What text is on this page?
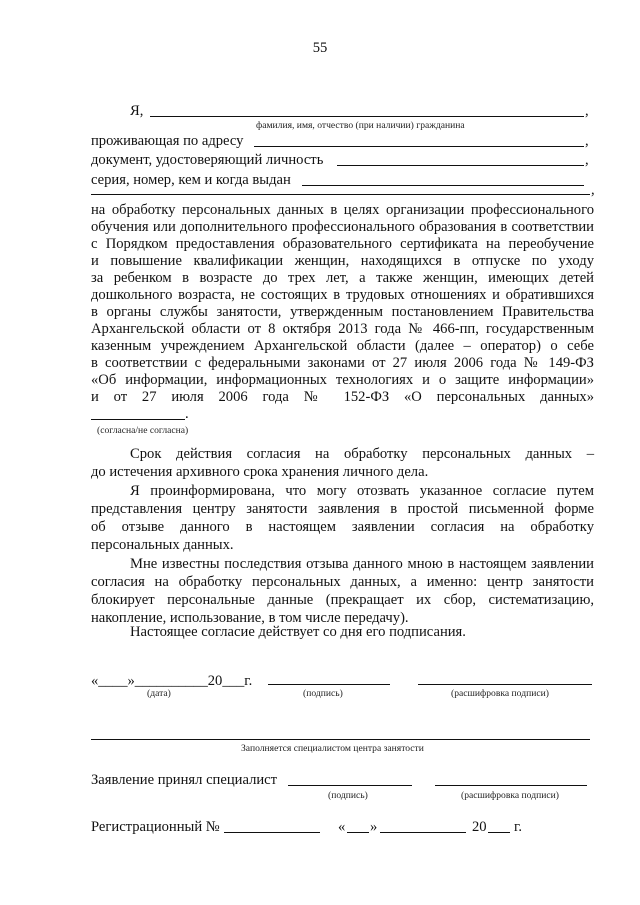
55
Я,	,
фамилия, имя, отчество (при наличии) гражданина
проживающая по адресу	,
документ, удостоверяющий личность	,
серия, номер, кем и когда выдан
,
на обработку персональных данных в целях организации профессионального
обучения или дополнительного профессионального образования в соответствии
с Порядком предоставления образовательного сертификата на переобучение
и повышение квалификации женщин, находящихся в отпуске по уходу
за ребенком в возрасте до трех лет, а также женщин, имеющих детей
дошкольного возраста, не состоящих в трудовых отношениях и обратившихся
в органы службы занятости, утвержденным постановлением Правительства
Архангельской области от 8 октября 2013 года № 466-пп, государственным
казенным учреждением Архангельской области (далее – оператор) о себе
в соответствии с федеральными законами от 27 июля 2006 года № 149-ФЗ
«Об информации, информационных технологиях и о защите информации»
и от 27 июля 2006 года № 152-ФЗ «О персональных данных»
.
(согласна/не согласна)
Срок действия согласия на обработку персональных данных –
до истечения архивного срока хранения личного дела.
Я проинформирована, что могу отозвать указанное согласие путем
представления центру занятости заявления в простой письменной форме
об отзыве данного в настоящем заявлении согласия на обработку
персональных данных.
Мне известны последствия отзыва данного мною в настоящем заявлении
согласия на обработку персональных данных, а именно: центр занятости
блокирует персональные данные (прекращает их сбор, систематизацию,
накопление, использование, в том числе передачу).
Настоящее согласие действует со дня его подписания.
«____»__________20___г.
(дата)	(подпись)	(расшифровка подписи)
Заполняется специалистом центра занятости
Заявление принял специалист
(подпись)	(расшифровка подписи)
Регистрационный №	« »	20 г.
